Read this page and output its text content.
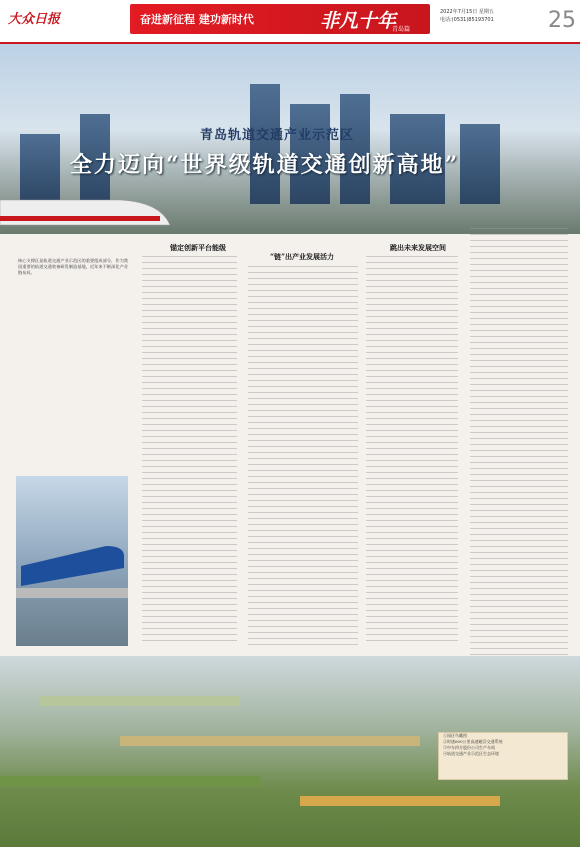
大众日报	奋进新征程 建功新时代	非凡十年
青岛篇
2022年7月15日 星期五
电话:(0531)85193701 25
青岛轨道交通产业示范区
全力迈向“世界级轨道交通创新高地”
核心支撑区是轨道交通产业示范区的重要组成部分，作为我国重要的轨道交通装备研发制造基地，近年来不断深化产业链布局。
锚定创新平台能级
“链”出产业发展活力
跳出未来发展空间
①园区鸟瞰图
②时速600公里高速磁浮交通系统
③中车四方股份公司生产车间
④轨道交通产业示范区生态环境
